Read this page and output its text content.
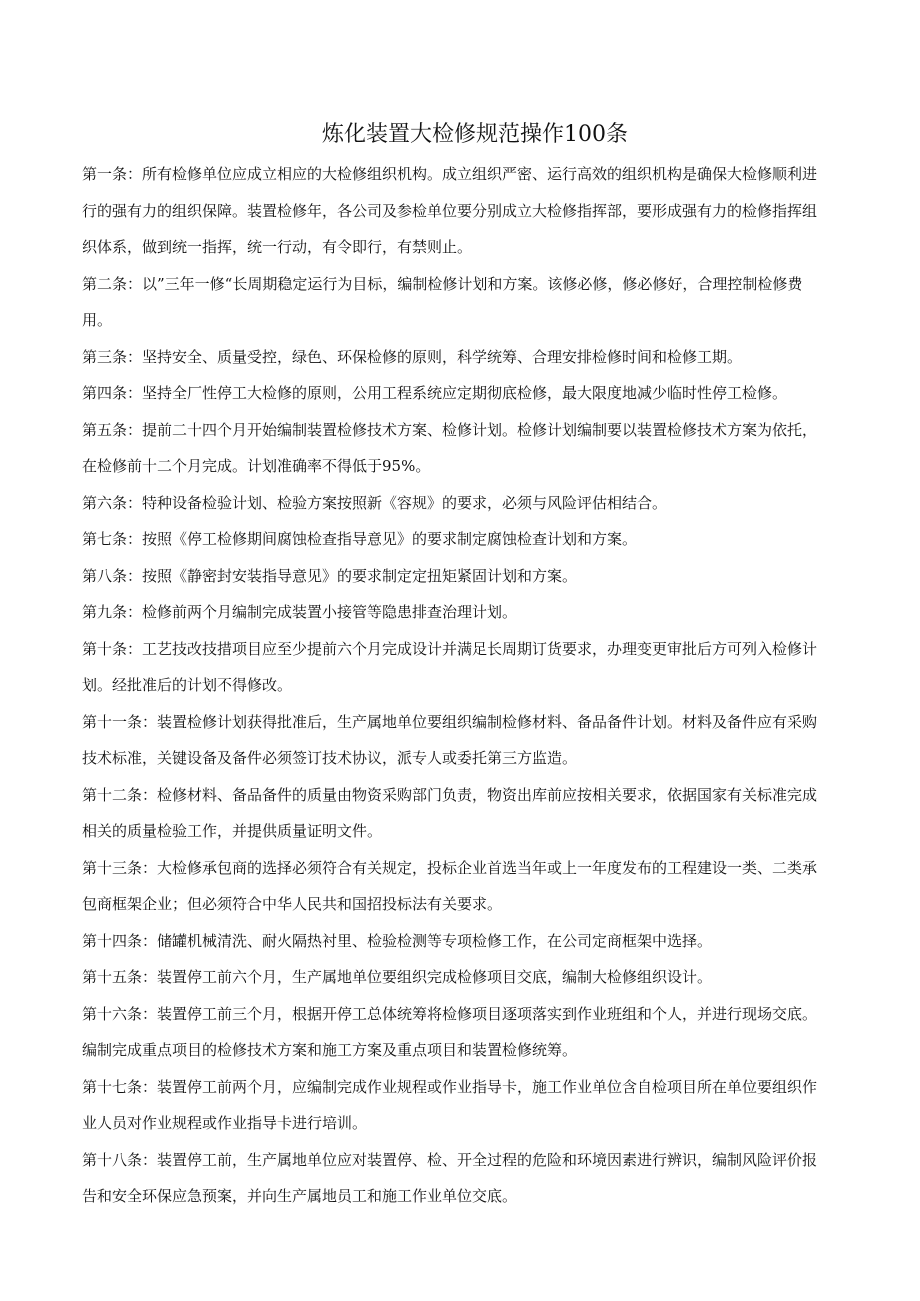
炼化装置大检修规范操作100条
第一条：所有检修单位应成立相应的大检修组织机构。成立组织严密、运行高效的组织机构是确保大检修顺利进
行的强有力的组织保障。装置检修年，各公司及参检单位要分别成立大检修指挥部，要形成强有力的检修指挥组
织体系，做到统一指挥，统一行动，有令即行，有禁则止。
第二条：以”三年一修“长周期稳定运行为目标，编制检修计划和方案。该修必修，修必修好，合理控制检修费
用。
第三条：坚持安全、质量受控，绿色、环保检修的原则，科学统筹、合理安排检修时间和检修工期。
第四条：坚持全厂性停工大检修的原则，公用工程系统应定期彻底检修，最大限度地减少临时性停工检修。
第五条：提前二十四个月开始编制装置检修技术方案、检修计划。检修计划编制要以装置检修技术方案为依托，
在检修前十二个月完成。计划准确率不得低于95%。
第六条：特种设备检验计划、检验方案按照新《容规》的要求，必须与风险评估相结合。
第七条：按照《停工检修期间腐蚀检查指导意见》的要求制定腐蚀检查计划和方案。
第八条：按照《静密封安装指导意见》的要求制定定扭矩紧固计划和方案。
第九条：检修前两个月编制完成装置小接管等隐患排查治理计划。
第十条：工艺技改技措项目应至少提前六个月完成设计并满足长周期订货要求，办理变更审批后方可列入检修计
划。经批准后的计划不得修改。
第十一条：装置检修计划获得批准后，生产属地单位要组织编制检修材料、备品备件计划。材料及备件应有采购
技术标准，关键设备及备件必须签订技术协议，派专人或委托第三方监造。
第十二条：检修材料、备品备件的质量由物资采购部门负责，物资出库前应按相关要求，依据国家有关标准完成
相关的质量检验工作，并提供质量证明文件。
第十三条：大检修承包商的选择必须符合有关规定，投标企业首选当年或上一年度发布的工程建设一类、二类承
包商框架企业；但必须符合中华人民共和国招投标法有关要求。
第十四条：储罐机械清洗、耐火隔热衬里、检验检测等专项检修工作，在公司定商框架中选择。
第十五条：装置停工前六个月，生产属地单位要组织完成检修项目交底，编制大检修组织设计。
第十六条：装置停工前三个月，根据开停工总体统筹将检修项目逐项落实到作业班组和个人，并进行现场交底。
编制完成重点项目的检修技术方案和施工方案及重点项目和装置检修统筹。
第十七条：装置停工前两个月，应编制完成作业规程或作业指导卡，施工作业单位含自检项目所在单位要组织作
业人员对作业规程或作业指导卡进行培训。
第十八条：装置停工前，生产属地单位应对装置停、检、开全过程的危险和环境因素进行辨识，编制风险评价报
告和安全环保应急预案，并向生产属地员工和施工作业单位交底。
